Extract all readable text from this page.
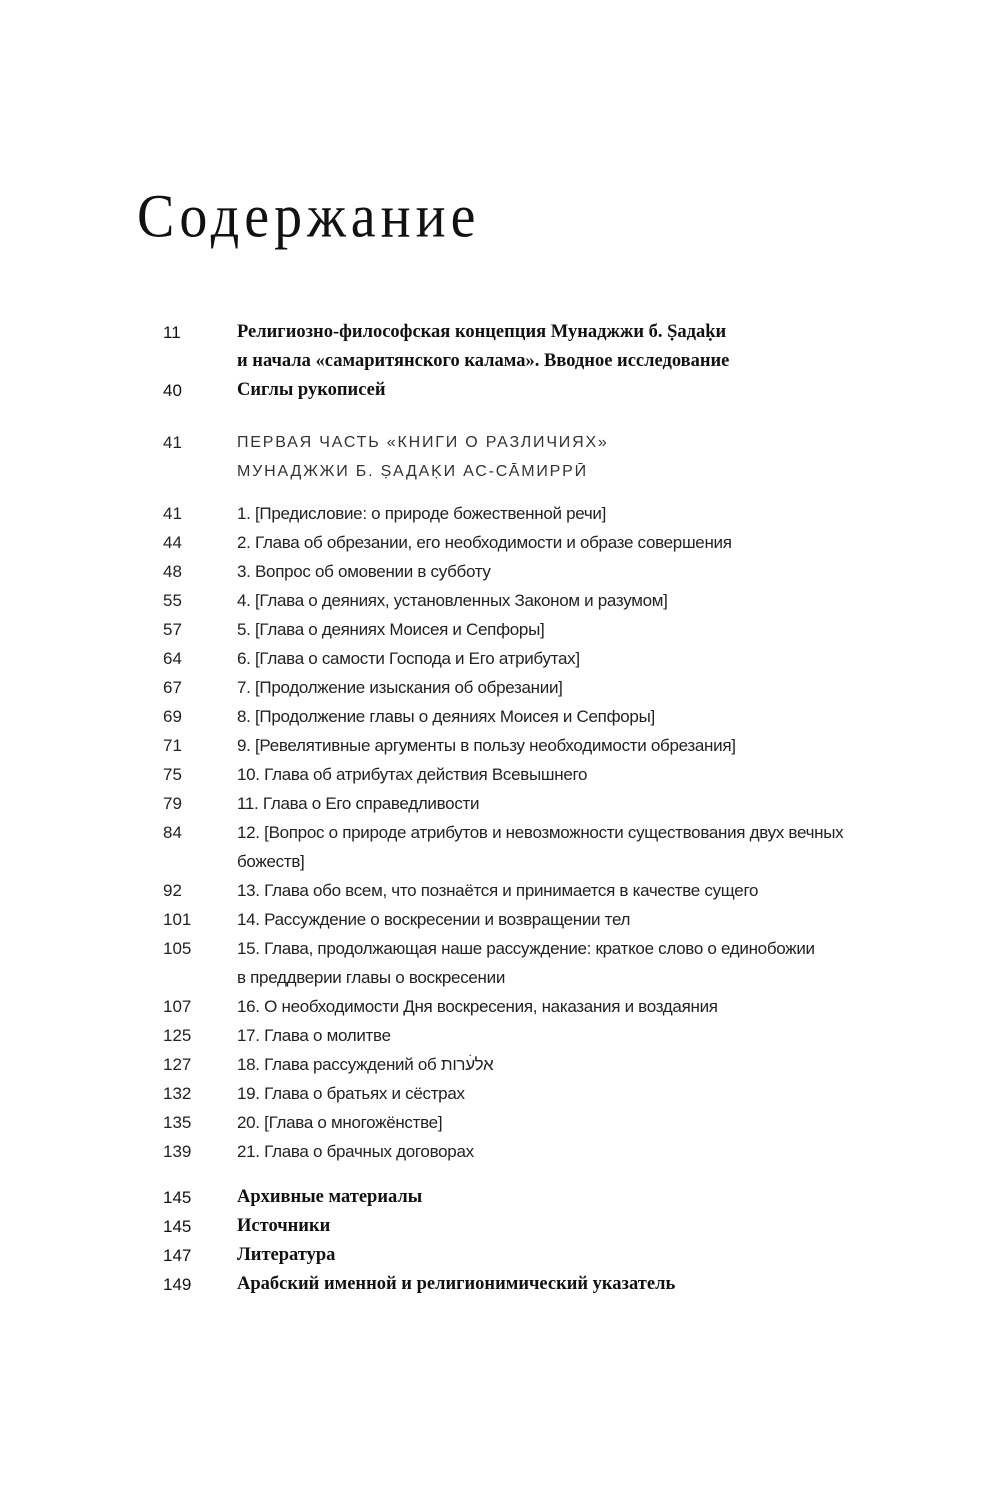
Содержание
11	Религиозно-философская концепция Мунаджжи б. Ṣадаḳи
и начала «самаритянского калама». Вводное исследование
40	Сиглы рукописей
41	ПЕРВАЯ ЧАСТЬ «КНИГИ О РАЗЛИЧИЯХ»
МУНАДЖЖИ Б. ṢАДАḲИ АС-СА̄МИРРӢ
41	1. [Предисловие: о природе божественной речи]
44	2. Глава об обрезании, его необходимости и образе совершения
48	3. Вопрос об омовении в субботу
55	4. [Глава о деяниях, установленных Законом и разумом]
57	5. [Глава о деяниях Моисея и Сепфоры]
64	6. [Глава о самости Господа и Его атрибутах]
67	7. [Продолжение изыскания об обрезании]
69	8. [Продолжение главы о деяниях Моисея и Сепфоры]
71	9. [Ревелятивные аргументы в пользу необходимости обрезания]
75	10. Глава об атрибутах действия Всевышнего
79	11. Глава о Его справедливости
84	12. [Вопрос о природе атрибутов и невозможности существования двух вечных
божеств]
92	13. Глава обо всем, что познаётся и принимается в качестве сущего
101	14. Рассуждение о воскресении и возвращении тел
105	15. Глава, продолжающая наше рассуждение: краткое слово о единобожии
в преддверии главы о воскресении
107	16. О необходимости Дня воскресения, наказания и воздаяния
125	17. Глава о молитве
127	18. Глава рассуждений об אלעׄרות
132	19. Глава о братьях и сёстрах
135	20. [Глава о многожёнстве]
139	21. Глава о брачных договорах
145 Архивные материалы
145 Источники
147 Литература
149 Арабский именной и религионимический указатель
